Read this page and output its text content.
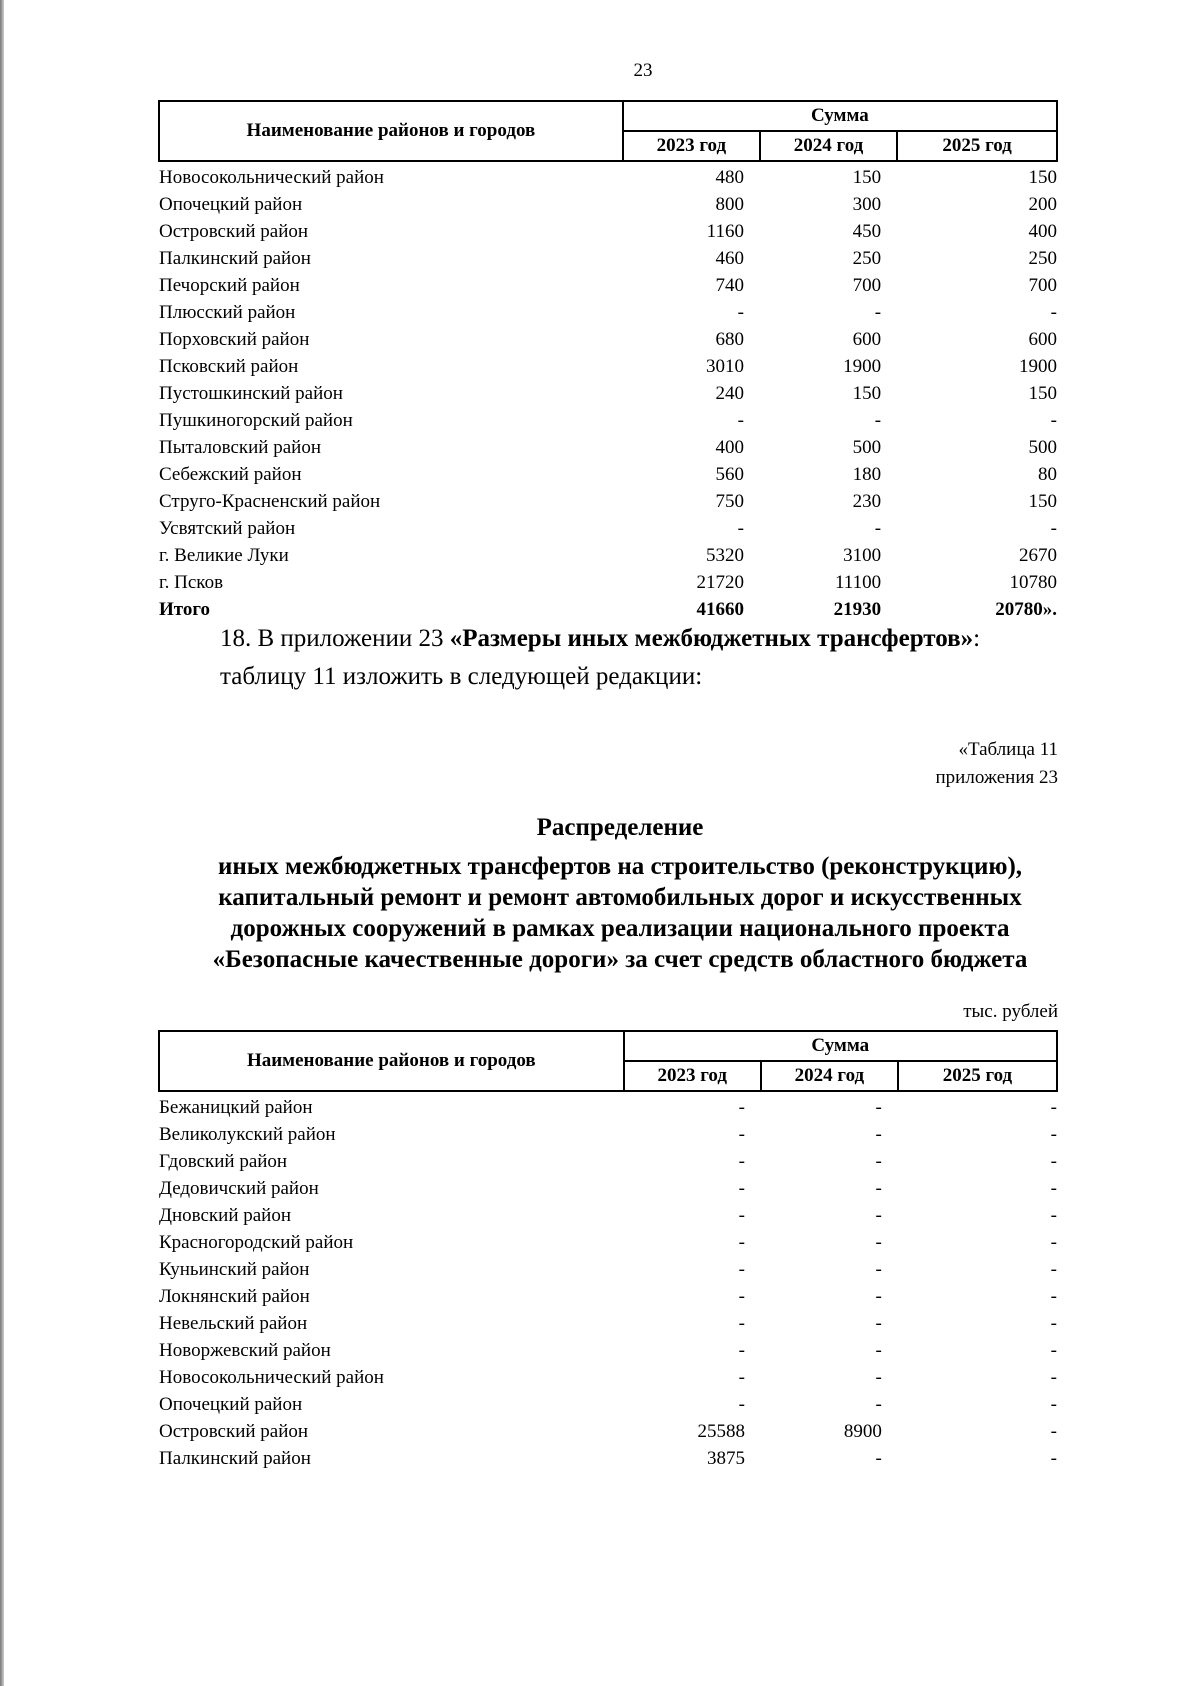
23
Наименование районов и городов	Сумма		
	2023 год	2024 год	2025 год
Новосокольнический район	480	150	150
Опочецкий район	800	300	200
Островский район	1160	450	400
Палкинский район	460	250	250
Печорский район	740	700	700
Плюсский район	-	-	-
Порховский район	680	600	600
Псковский район	3010	1900	1900
Пустошкинский район	240	150	150
Пушкиногорский район	-	-	-
Пыталовский район	400	500	500
Себежский район	560	180	80
Струго-Красненский район	750	230	150
Усвятский район	-	-	-
г. Великие Луки	5320	3100	2670
г. Псков	21720	11100	10780
Итого	41660	21930	20780».
18. В приложении 23 «Размеры иных межбюджетных трансфертов»:
таблицу 11 изложить в следующей редакции:
«Таблица 11
приложения 23
Распределение
иных межбюджетных трансфертов на строительство (реконструкцию),
капитальный ремонт и ремонт автомобильных дорог и искусственных
дорожных сооружений в рамках реализации национального проекта
«Безопасные качественные дороги» за счет средств областного бюджета
тыс. рублей
Наименование районов и городов	Сумма		
	2023 год	2024 год	2025 год
Бежаницкий район	-	-	-
Великолукский район	-	-	-
Гдовский район	-	-	-
Дедовичский район	-	-	-
Дновский район	-	-	-
Красногородский район	-	-	-
Куньинский район	-	-	-
Локнянский район	-	-	-
Невельский район	-	-	-
Новоржевский район	-	-	-
Новосокольнический район	-	-	-
Опочецкий район	-	-	-
Островский район	25588	8900	-
Палкинский район	3875	-	-
